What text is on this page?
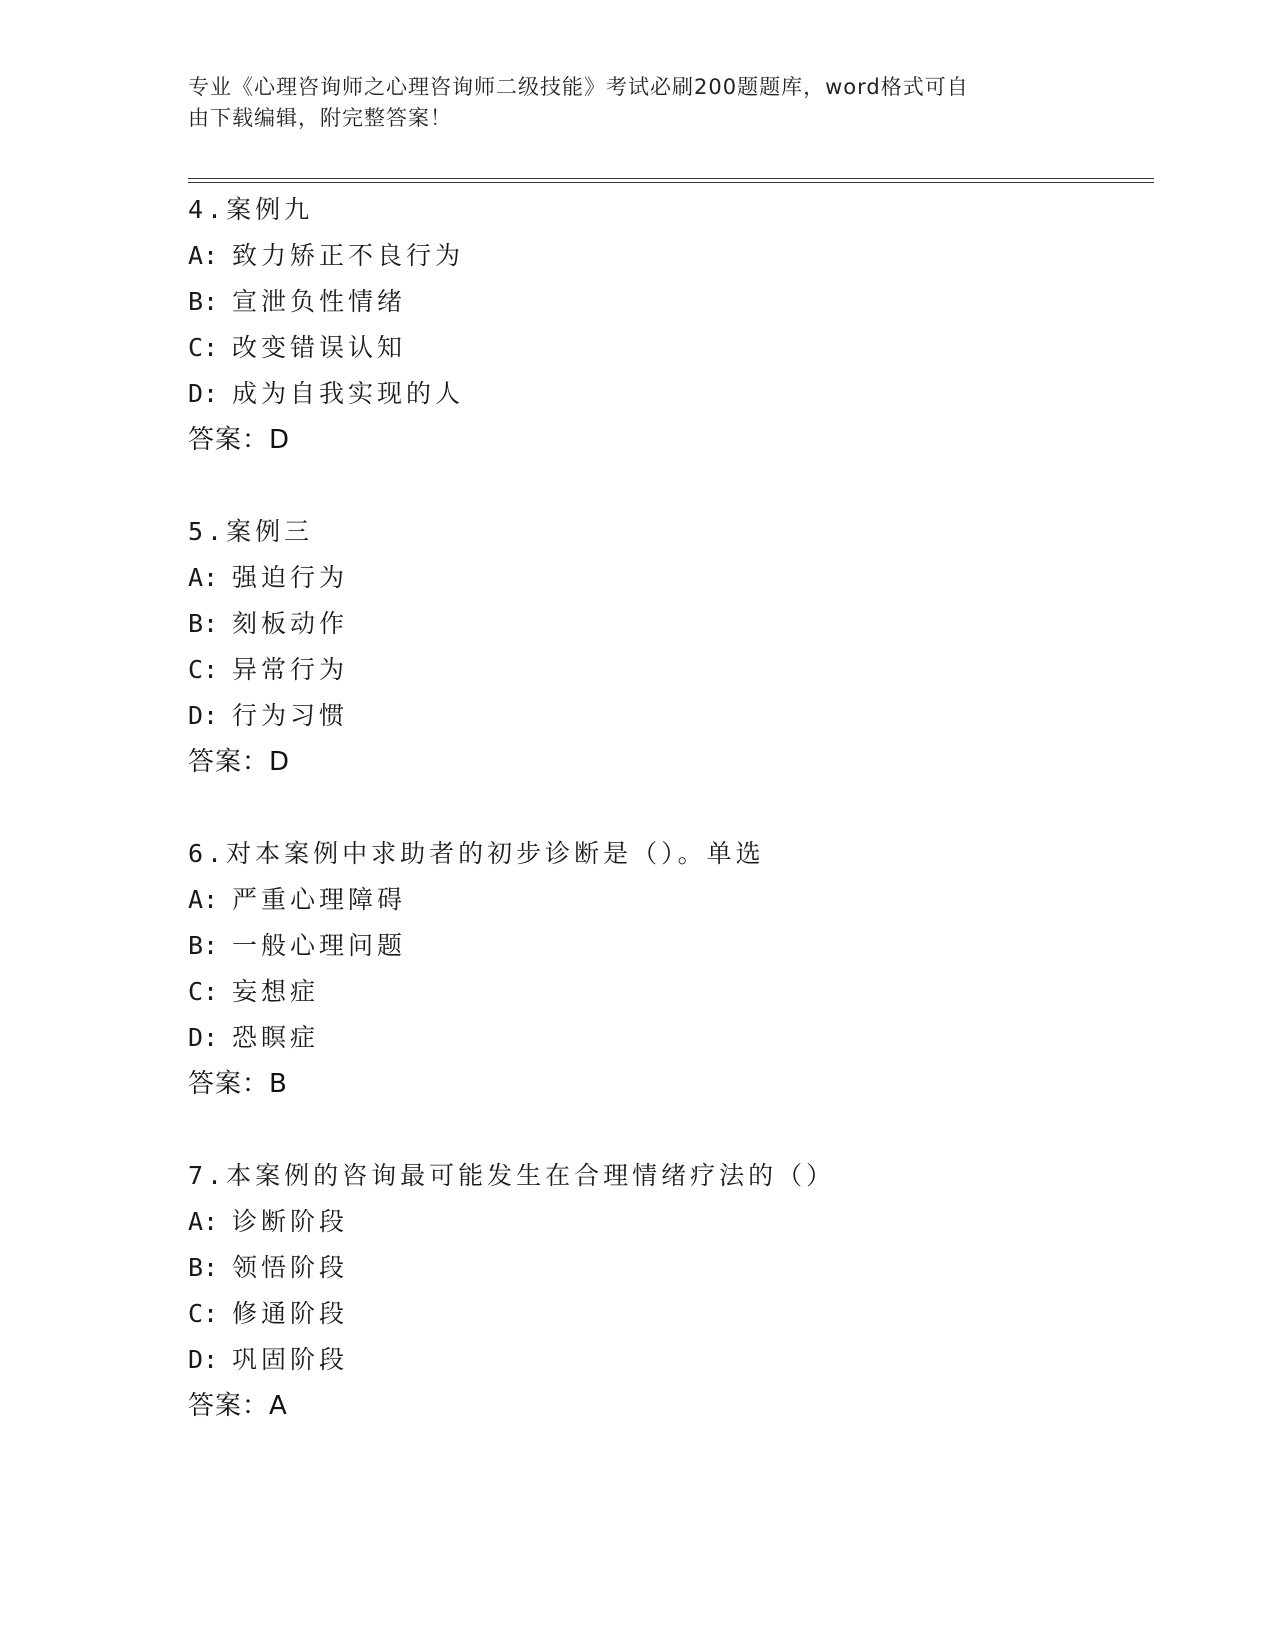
专业《心理咨询师之心理咨询师二级技能》考试必刷200题题库，word格式可自
由下载编辑，附完整答案！
4.案例九
A: 致力矫正不良行为
B: 宣泄负性情绪
C: 改变错误认知
D: 成为自我实现的人
答案：D
5.案例三
A: 强迫行为
B: 刻板动作
C: 异常行为
D: 行为习惯
答案：D
6.对本案例中求助者的初步诊断是（）。单选
A: 严重心理障碍
B: 一般心理问题
C: 妄想症
D: 恐瞑症
答案：B
7.本案例的咨询最可能发生在合理情绪疗法的（）
A: 诊断阶段
B: 领悟阶段
C: 修通阶段
D: 巩固阶段
答案：A
